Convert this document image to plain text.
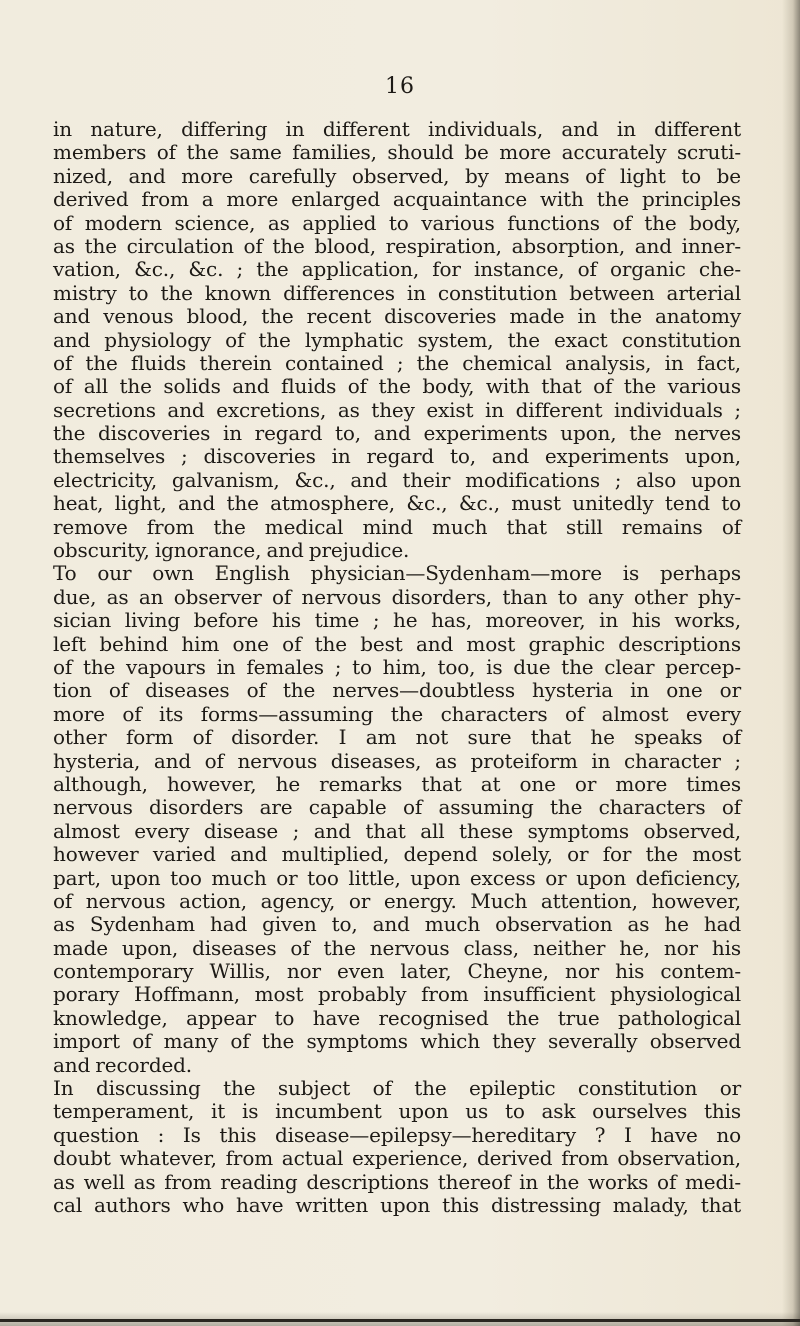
16
in nature, differing in different individuals, and in different
members of the same families, should be more accurately scruti-
nized, and more carefully observed, by means of light to be
derived from a more enlarged acquaintance with the principles
of modern science, as applied to various functions of the body,
as the circulation of the blood, respiration, absorption, and inner-
vation, &c., &c. ; the application, for instance, of organic che-
mistry to the known differences in constitution between arterial
and venous blood, the recent discoveries made in the anatomy
and physiology of the lymphatic system, the exact constitution
of the fluids therein contained ; the chemical analysis, in fact,
of all the solids and fluids of the body, with that of the various
secretions and excretions, as they exist in different individuals ;
the discoveries in regard to, and experiments upon, the nerves
themselves ; discoveries in regard to, and experiments upon,
electricity, galvanism, &c., and their modifications ; also upon
heat, light, and the atmosphere, &c., &c., must unitedly tend to
remove from the medical mind much that still remains of
obscurity, ignorance, and prejudice.
To our own English physician—Sydenham—more is perhaps
due, as an observer of nervous disorders, than to any other phy-
sician living before his time ; he has, moreover, in his works,
left behind him one of the best and most graphic descriptions
of the vapours in females ; to him, too, is due the clear percep-
tion of diseases of the nerves—doubtless hysteria in one or
more of its forms—assuming the characters of almost every
other form of disorder. I am not sure that he speaks of
hysteria, and of nervous diseases, as proteiform in character ;
although, however, he remarks that at one or more times
nervous disorders are capable of assuming the characters of
almost every disease ; and that all these symptoms observed,
however varied and multiplied, depend solely, or for the most
part, upon too much or too little, upon excess or upon deficiency,
of nervous action, agency, or energy. Much attention, however,
as Sydenham had given to, and much observation as he had
made upon, diseases of the nervous class, neither he, nor his
contemporary Willis, nor even later, Cheyne, nor his contem-
porary Hoffmann, most probably from insufficient physiological
knowledge, appear to have recognised the true pathological
import of many of the symptoms which they severally observed
and recorded.
In discussing the subject of the epileptic constitution or
temperament, it is incumbent upon us to ask ourselves this
question : Is this disease—epilepsy—hereditary ? I have no
doubt whatever, from actual experience, derived from observation,
as well as from reading descriptions thereof in the works of medi-
cal authors who have written upon this distressing malady, that
